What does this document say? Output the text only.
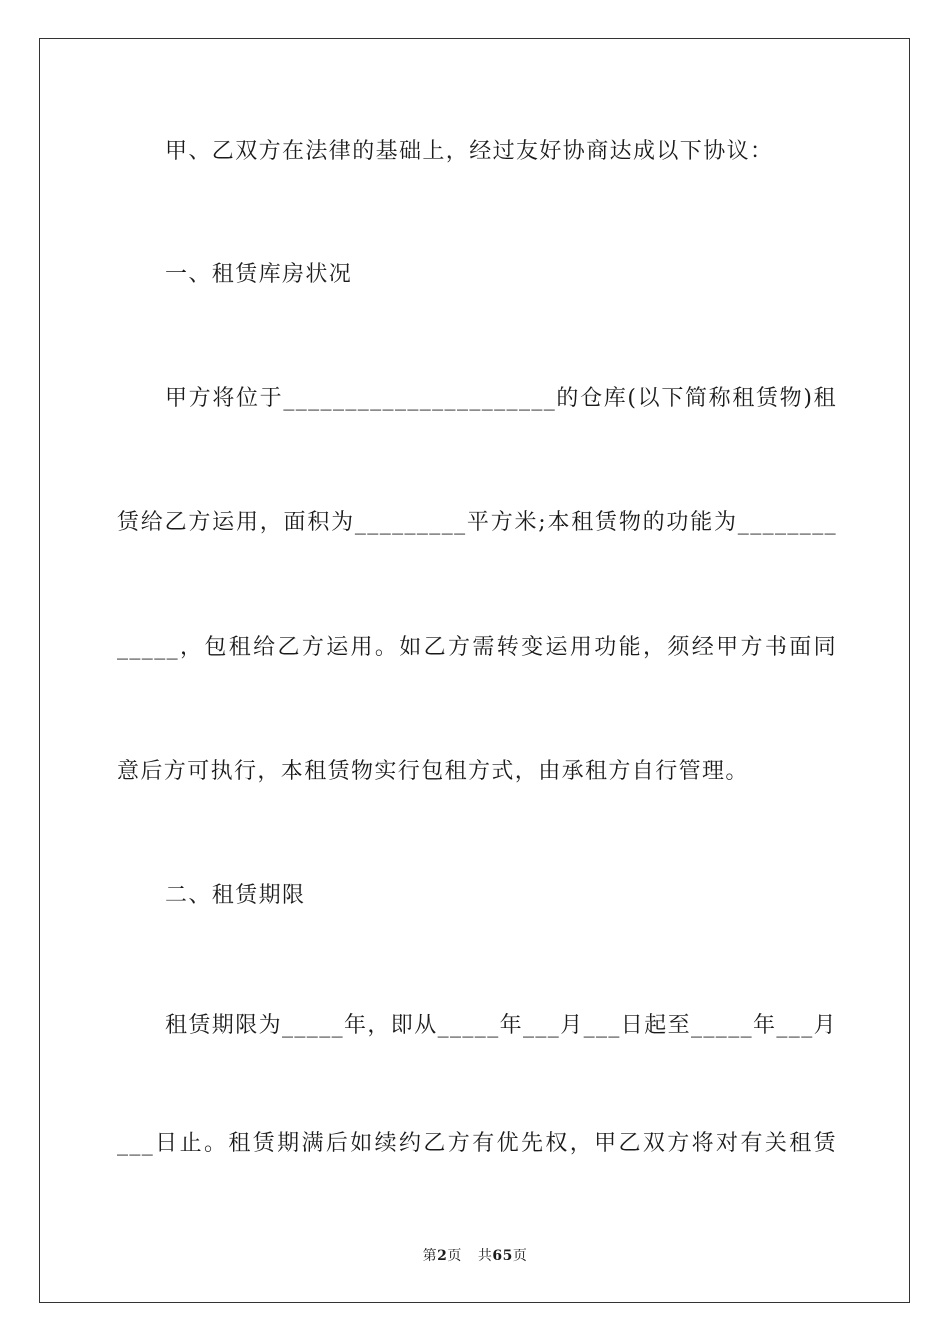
甲、乙双方在法律的基础上，经过友好协商达成以下协议：
一、租赁库房状况
甲方将位于______________________的仓库(以下简称租赁物)租
赁给乙方运用，面积为_________平方米;本租赁物的功能为________
_____，包租给乙方运用。如乙方需转变运用功能，须经甲方书面同
意后方可执行，本租赁物实行包租方式，由承租方自行管理。
二、租赁期限
租赁期限为_____年，即从_____年___月___日起至_____年___月
___日止。租赁期满后如续约乙方有优先权，甲乙双方将对有关租赁
第2页 共65页
